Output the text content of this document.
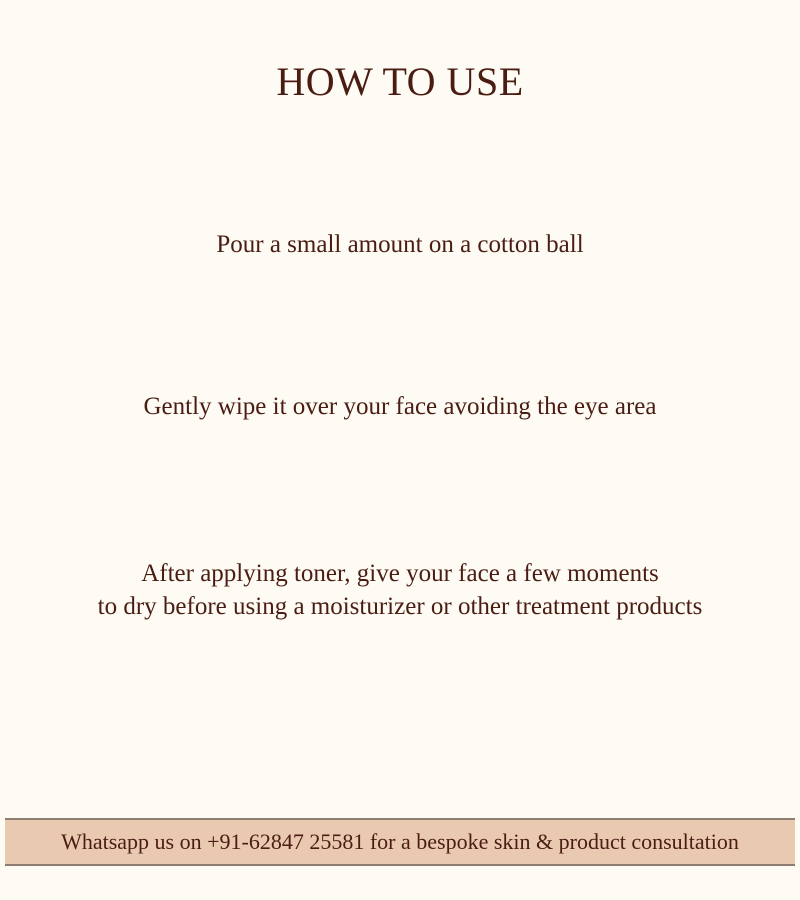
HOW TO USE
Pour a small amount on a cotton ball
Gently wipe it over your face avoiding the eye area
After applying toner, give your face a few moments
to dry before using a moisturizer or other treatment products
Whatsapp us on +91-62847 25581 for a bespoke skin & product consultation
